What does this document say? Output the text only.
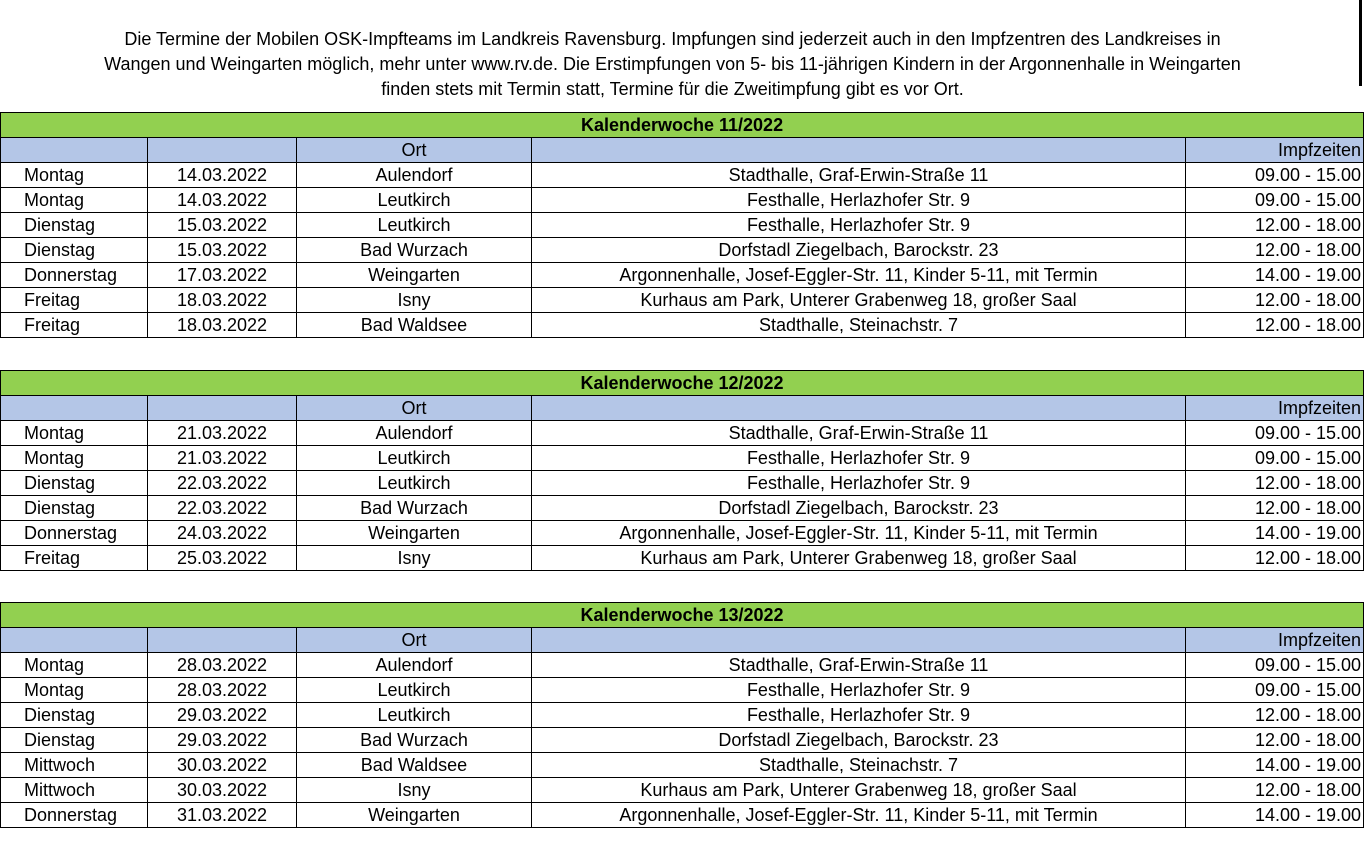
Die Termine der Mobilen OSK-Impfteams im Landkreis Ravensburg. Impfungen sind jederzeit auch in den Impfzentren des Landkreises in
Wangen und Weingarten möglich, mehr unter www.rv.de. Die Erstimpfungen von 5- bis 11-jährigen Kindern in der Argonnenhalle in Weingarten
finden stets mit Termin statt, Termine für die Zweitimpfung gibt es vor Ort.
Kalenderwoche 11/2022				
		Ort		Impfzeiten
Montag	14.03.2022	Aulendorf	Stadthalle, Graf-Erwin-Straße 11	09.00 - 15.00
Montag	14.03.2022	Leutkirch	Festhalle, Herlazhofer Str. 9	09.00 - 15.00
Dienstag	15.03.2022	Leutkirch	Festhalle, Herlazhofer Str. 9	12.00 - 18.00
Dienstag	15.03.2022	Bad Wurzach	Dorfstadl Ziegelbach, Barockstr. 23	12.00 - 18.00
Donnerstag	17.03.2022	Weingarten	Argonnenhalle, Josef-Eggler-Str. 11, Kinder 5-11, mit Termin	14.00 - 19.00
Freitag	18.03.2022	Isny	Kurhaus am Park, Unterer Grabenweg 18, großer Saal	12.00 - 18.00
Freitag	18.03.2022	Bad Waldsee	Stadthalle, Steinachstr. 7	12.00 - 18.00
Kalenderwoche 12/2022				
		Ort		Impfzeiten
Montag	21.03.2022	Aulendorf	Stadthalle, Graf-Erwin-Straße 11	09.00 - 15.00
Montag	21.03.2022	Leutkirch	Festhalle, Herlazhofer Str. 9	09.00 - 15.00
Dienstag	22.03.2022	Leutkirch	Festhalle, Herlazhofer Str. 9	12.00 - 18.00
Dienstag	22.03.2022	Bad Wurzach	Dorfstadl Ziegelbach, Barockstr. 23	12.00 - 18.00
Donnerstag	24.03.2022	Weingarten	Argonnenhalle, Josef-Eggler-Str. 11, Kinder 5-11, mit Termin	14.00 - 19.00
Freitag	25.03.2022	Isny	Kurhaus am Park, Unterer Grabenweg 18, großer Saal	12.00 - 18.00
Kalenderwoche 13/2022				
		Ort		Impfzeiten
Montag	28.03.2022	Aulendorf	Stadthalle, Graf-Erwin-Straße 11	09.00 - 15.00
Montag	28.03.2022	Leutkirch	Festhalle, Herlazhofer Str. 9	09.00 - 15.00
Dienstag	29.03.2022	Leutkirch	Festhalle, Herlazhofer Str. 9	12.00 - 18.00
Dienstag	29.03.2022	Bad Wurzach	Dorfstadl Ziegelbach, Barockstr. 23	12.00 - 18.00
Mittwoch	30.03.2022	Bad Waldsee	Stadthalle, Steinachstr. 7	14.00 - 19.00
Mittwoch	30.03.2022	Isny	Kurhaus am Park, Unterer Grabenweg 18, großer Saal	12.00 - 18.00
Donnerstag	31.03.2022	Weingarten	Argonnenhalle, Josef-Eggler-Str. 11, Kinder 5-11, mit Termin	14.00 - 19.00
